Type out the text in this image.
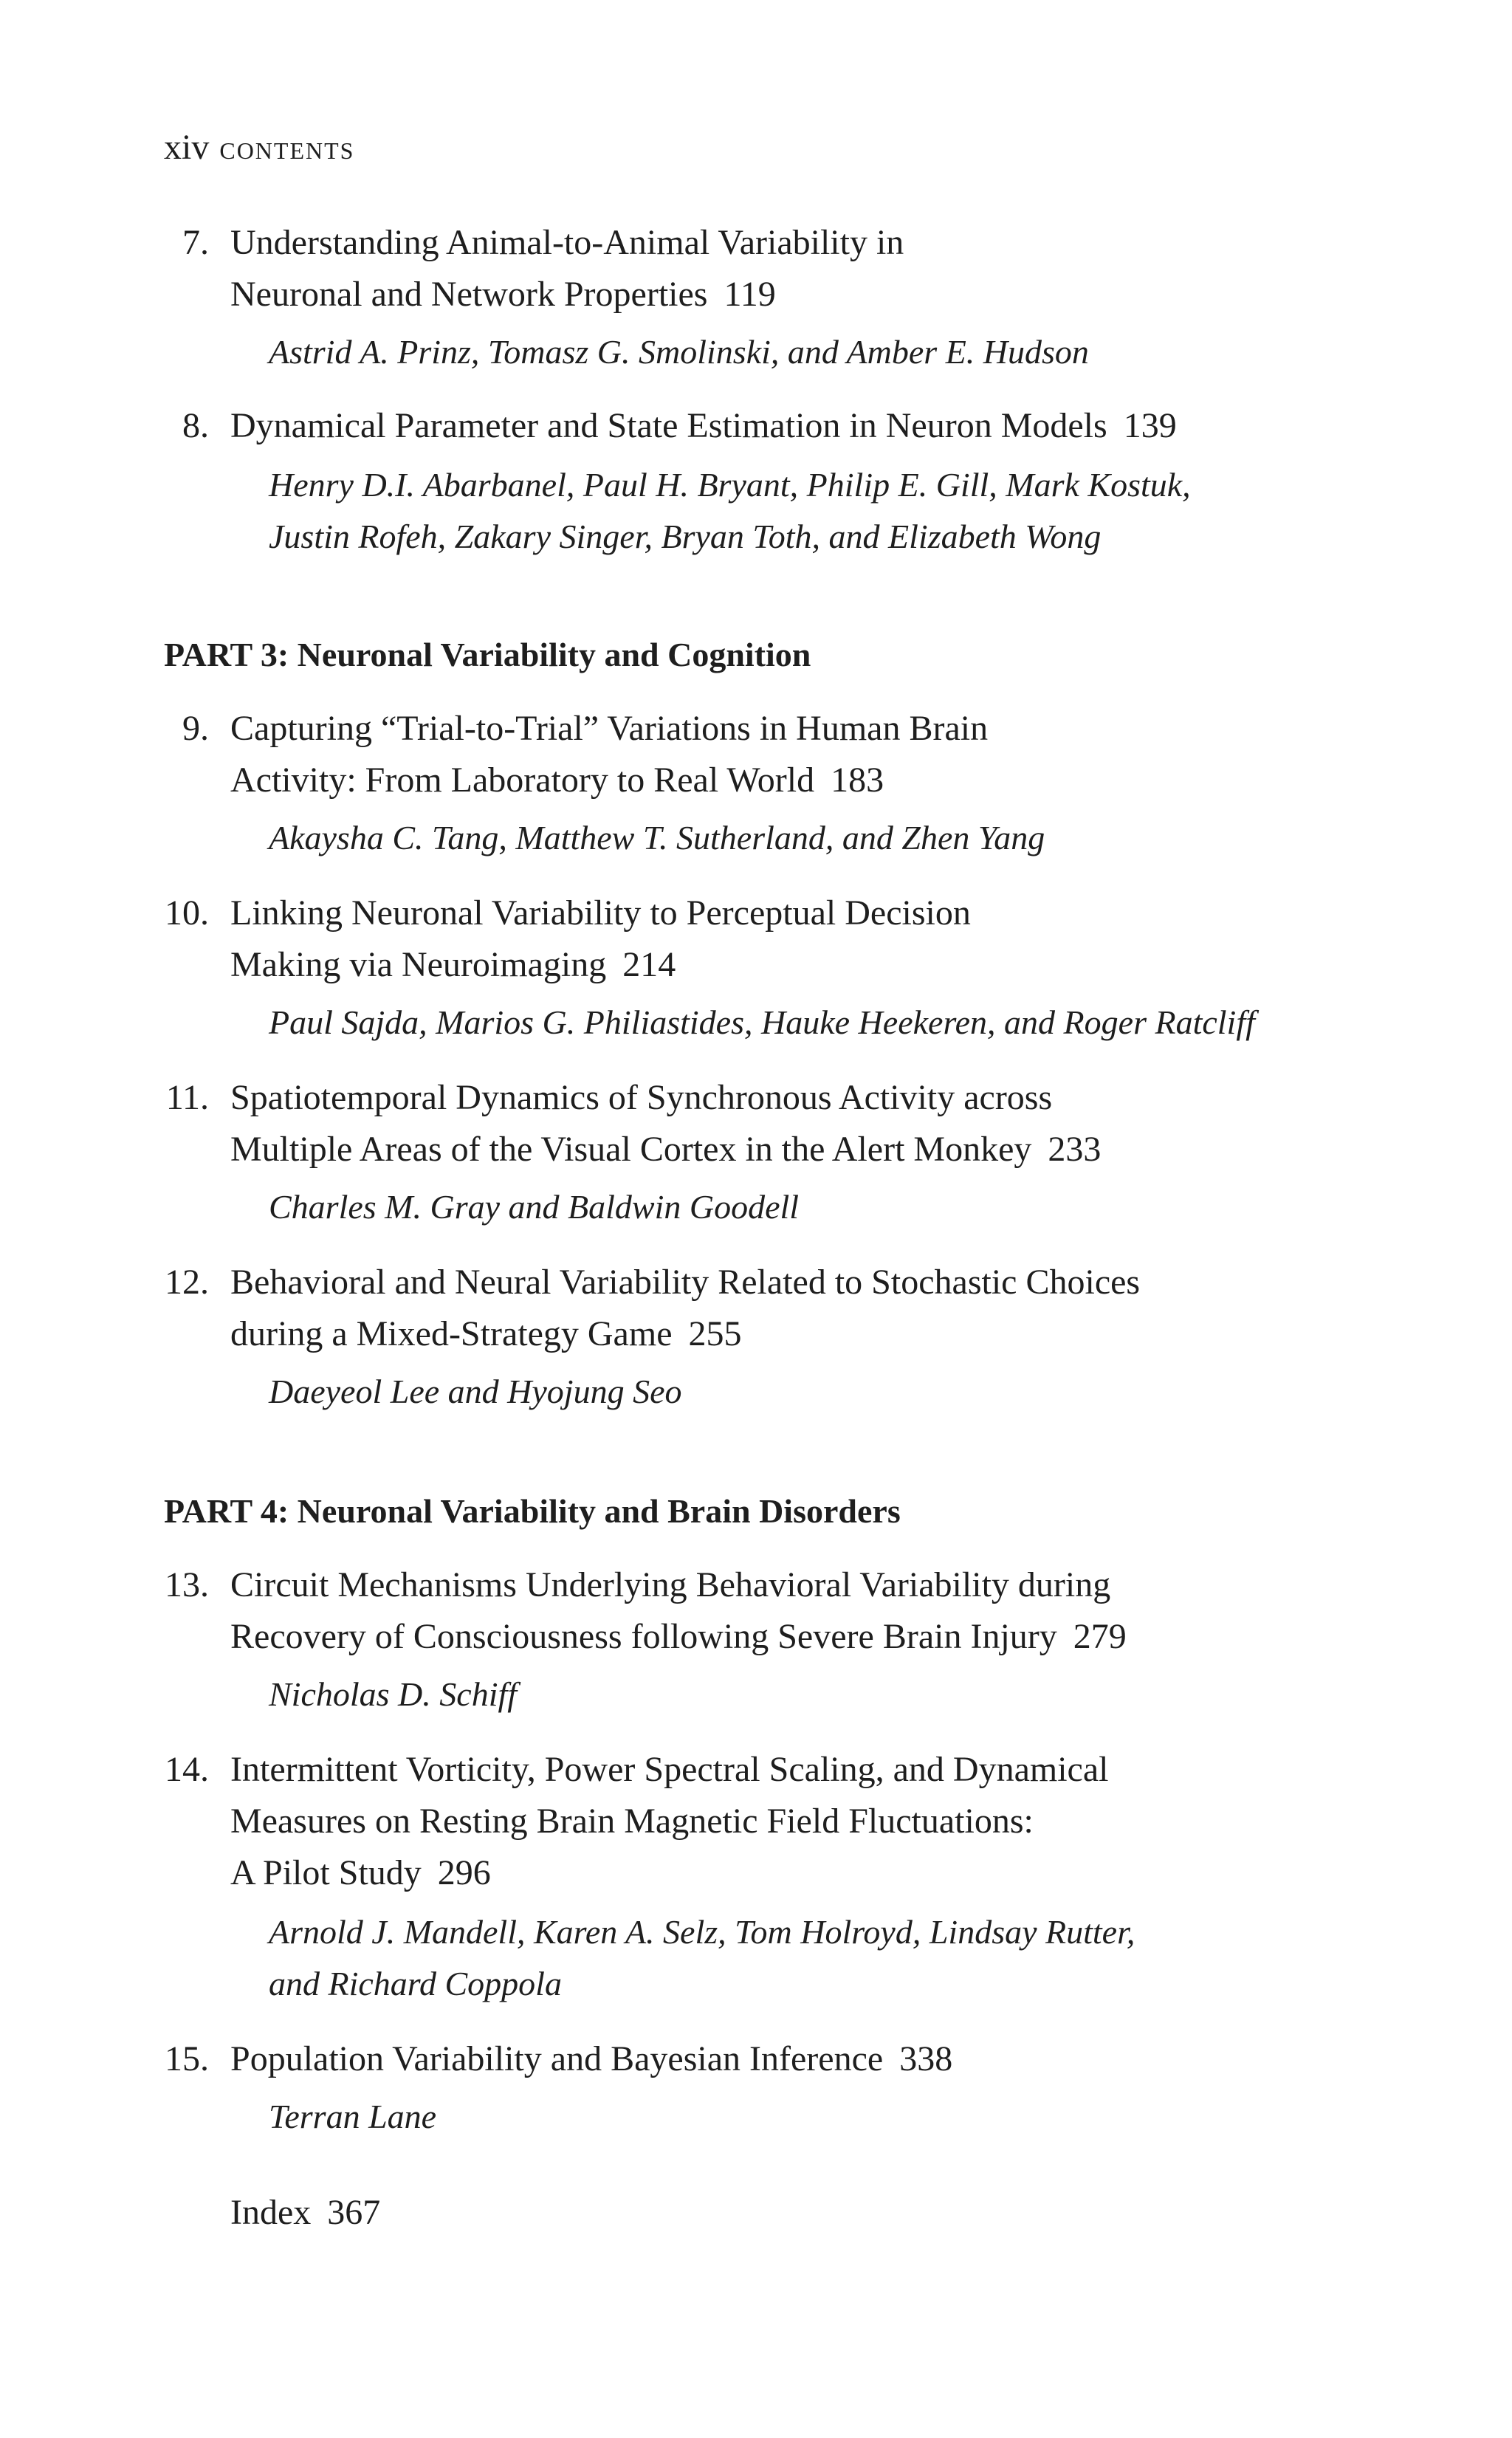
xiv CONTENTS
7. Understanding Animal-to-Animal Variability in
Neuronal and Network Properties 119
Astrid A. Prinz, Tomasz G. Smolinski, and Amber E. Hudson
8. Dynamical Parameter and State Estimation in Neuron Models 139
Henry D.I. Abarbanel, Paul H. Bryant, Philip E. Gill, Mark Kostuk,
Justin Rofeh, Zakary Singer, Bryan Toth, and Elizabeth Wong
PART 3: Neuronal Variability and Cognition
9. Capturing “Trial-to-Trial” Variations in Human Brain
Activity: From Laboratory to Real World 183
Akaysha C. Tang, Matthew T. Sutherland, and Zhen Yang
10. Linking Neuronal Variability to Perceptual Decision
Making via Neuroimaging 214
Paul Sajda, Marios G. Philiastides, Hauke Heekeren, and Roger Ratcliff
11. Spatiotemporal Dynamics of Synchronous Activity across
Multiple Areas of the Visual Cortex in the Alert Monkey 233
Charles M. Gray and Baldwin Goodell
12. Behavioral and Neural Variability Related to Stochastic Choices
during a Mixed-Strategy Game 255
Daeyeol Lee and Hyojung Seo
PART 4: Neuronal Variability and Brain Disorders
13. Circuit Mechanisms Underlying Behavioral Variability during
Recovery of Consciousness following Severe Brain Injury 279
Nicholas D. Schiff
14. Intermittent Vorticity, Power Spectral Scaling, and Dynamical
Measures on Resting Brain Magnetic Field Fluctuations:
A Pilot Study 296
Arnold J. Mandell, Karen A. Selz, Tom Holroyd, Lindsay Rutter,
and Richard Coppola
15. Population Variability and Bayesian Inference 338
Terran Lane
Index 367
